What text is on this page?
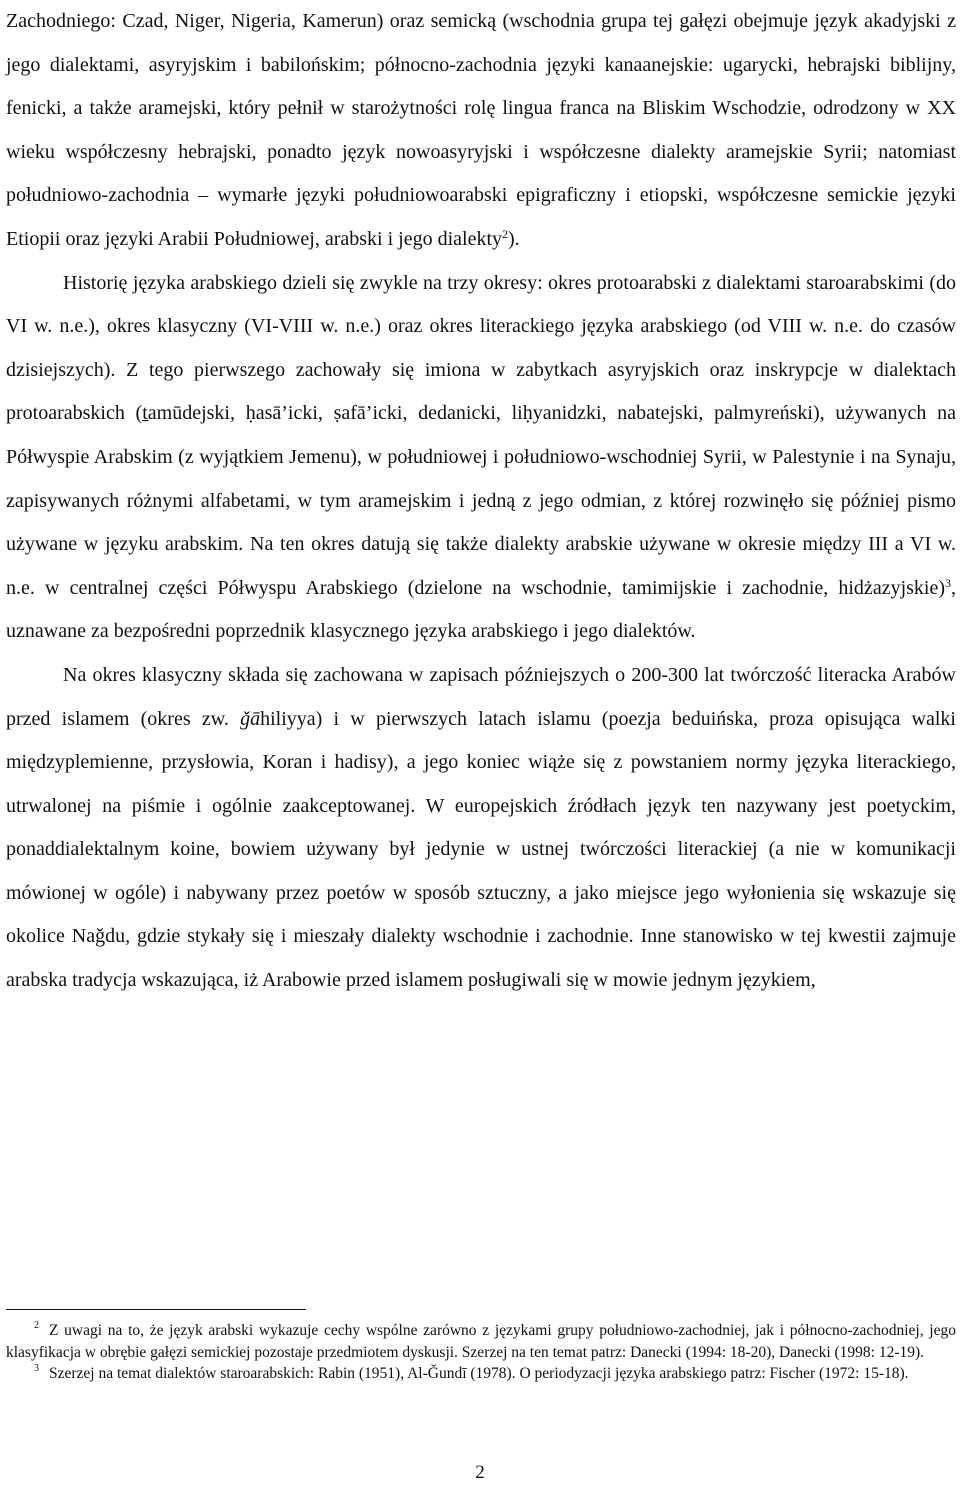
Zachodniego: Czad, Niger, Nigeria, Kamerun) oraz semicką (wschodnia grupa tej gałęzi obejmuje język akadyjski z jego dialektami, asyryjskim i babilońskim; północno-zachodnia języki kanaanejskie: ugarycki, hebrajski biblijny, fenicki, a także aramejski, który pełnił w starożytności rolę lingua franca na Bliskim Wschodzie, odrodzony w XX wieku współczesny hebrajski, ponadto język nowoasyryjski i współczesne dialekty aramejskie Syrii; natomiast południowo-zachodnia – wymarłe języki południowoarabski epigraficzny i etiopski, współczesne semickie języki Etiopii oraz języki Arabii Południowej, arabski i jego dialekty$^2$).

Historię języka arabskiego dzieli się zwykle na trzy okresy: okres protoarabski z dialektami staroarabskimi (do VI w. n.e.), okres klasyczny (VI-VIII w. n.e.) oraz okres literackiego języka arabskiego (od VIII w. n.e. do czasów dzisiejszych). Z tego pierwszego zachowały się imiona w zabytkach asyryjskich oraz inskrypcje w dialektach protoarabskich (ṯamūdejski, ḥasā’icki, ṣafā’icki, dedanicki, liḥyanidzki, nabatejski, palmyreński), używanych na Półwyspie Arabskim (z wyjątkiem Jemenu), w południowej i południowo-wschodniej Syrii, w Palestynie i na Synaju, zapisywanych różnymi alfabetami, w tym aramejskim i jedną z jego odmian, z której rozwinęło się później pismo używane w języku arabskim. Na ten okres datują się także dialekty arabskie używane w okresie między III a VI w. n.e. w centralnej części Półwyspu Arabskiego (dzielone na wschodnie, tamimijskie i zachodnie, hidżazyjskie)$^3$, uznawane za bezpośredni poprzednik klasycznego języka arabskiego i jego dialektów.

Na okres klasyczny składa się zachowana w zapisach późniejszych o 200-300 lat twórczość literacka Arabów przed islamem (okres zw. ǧāhiliyya) i w pierwszych latach islamu (poezja beduińska, proza opisująca walki międzyplemienne, przysłowia, Koran i hadisy), a jego koniec wiąże się z powstaniem normy języka literackiego, utrwalonej na piśmie i ogólnie zaakceptowanej. W europejskich źródłach język ten nazywany jest poetyckim, ponaddialektalnym koine, bowiem używany był jedynie w ustnej twórczości literackiej (a nie w komunikacji mówionej w ogóle) i nabywany przez poetów w sposób sztuczny, a jako miejsce jego wyłonienia się wskazuje się okolice Naǧdu, gdzie stykały się i mieszały dialekty wschodnie i zachodnie. Inne stanowisko w tej kwestii zajmuje arabska tradycja wskazująca, iż Arabowie przed islamem posługiwali się w mowie jednym językiem,

$^2$ Z uwagi na to, że język arabski wykazuje cechy wspólne zarówno z językami grupy południowo-zachodniej, jak i północno-zachodniej, jego klasyfikacja w obrębie gałęzi semickiej pozostaje przedmiotem dyskusji. Szerzej na ten temat patrz: Danecki (1994: 18-20), Danecki (1998: 12-19).

$^3$ Szerzej na temat dialektów staroarabskich: Rabin (1951), Al-Ǧundī (1978). O periodyzacji języka arabskiego patrz: Fischer (1972: 15-18).

2
